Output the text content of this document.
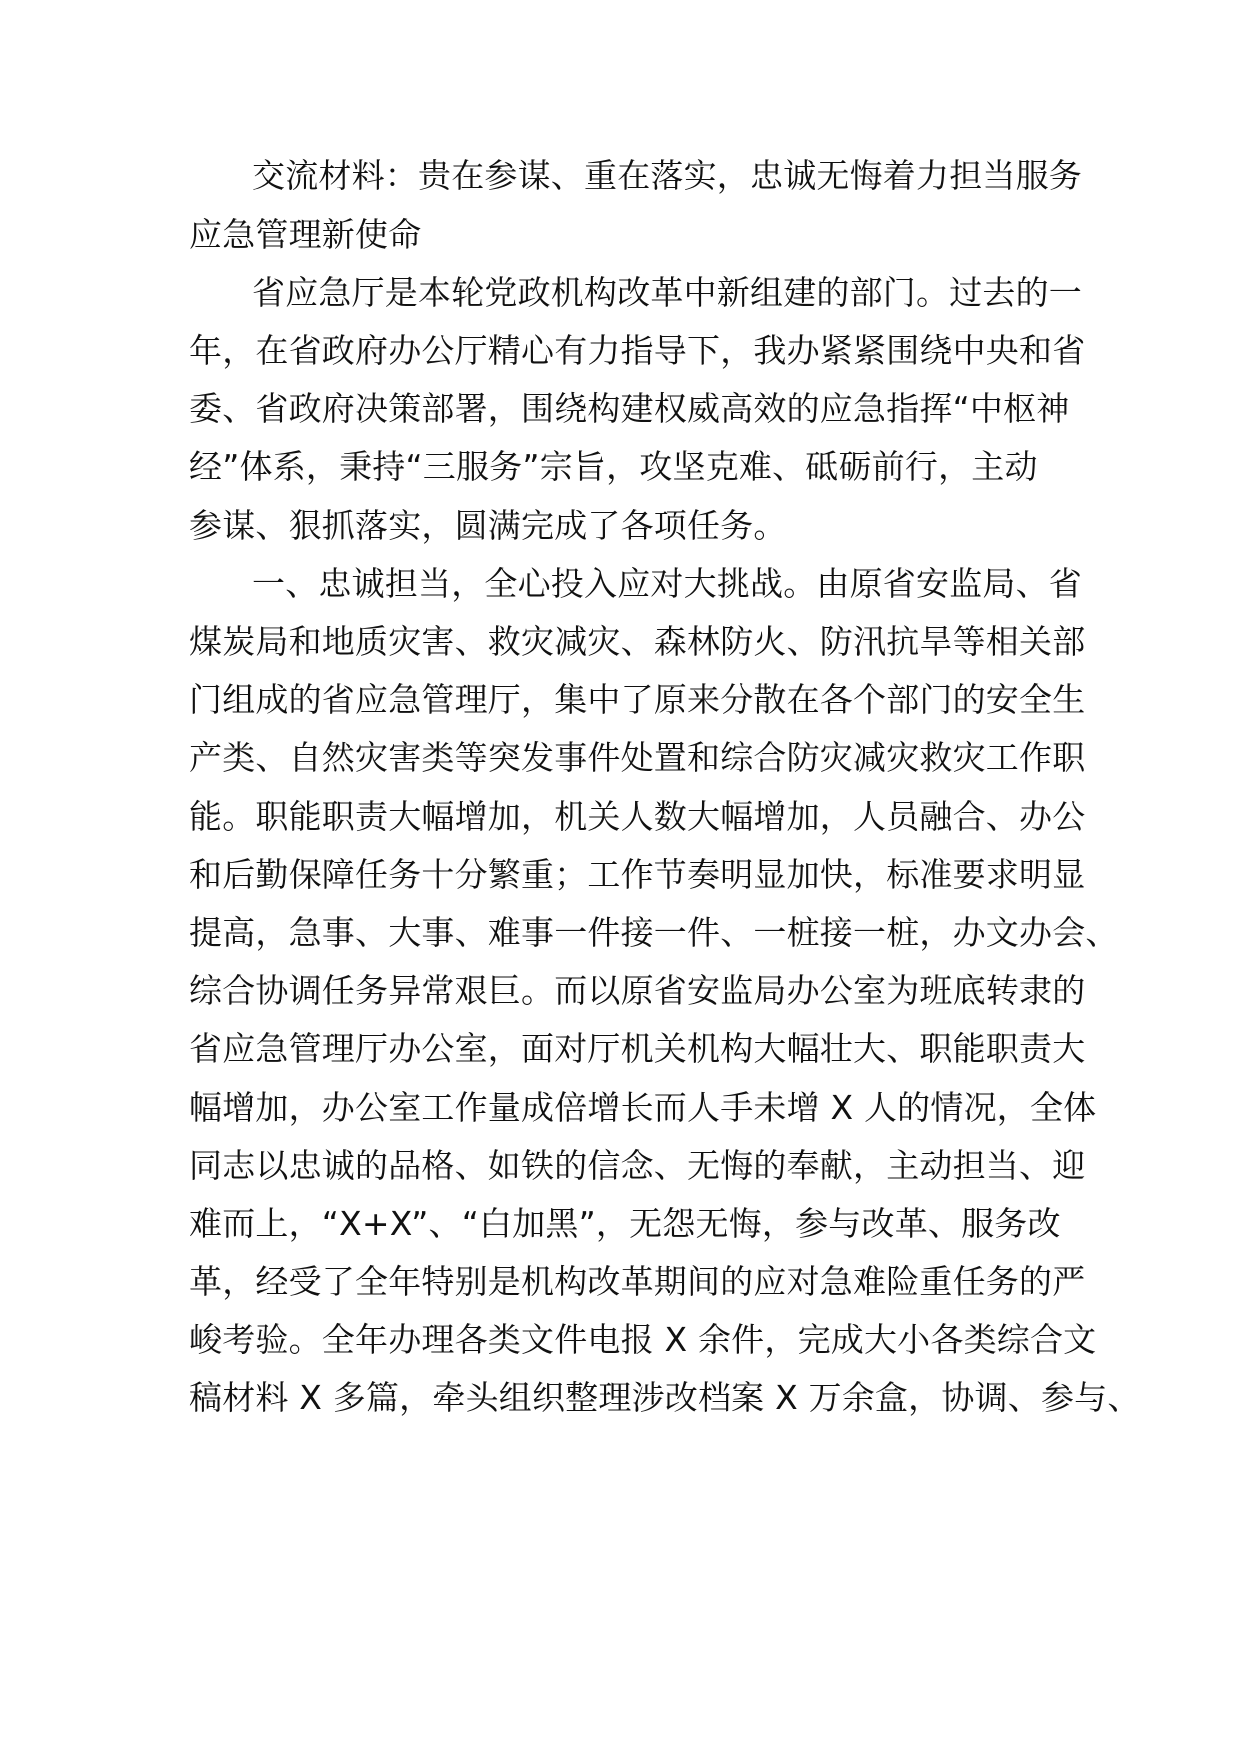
交流材料：贵在参谋、重在落实，忠诚无悔着力担当服务
应急管理新使命
省应急厅是本轮党政机构改革中新组建的部门。过去的一
年，在省政府办公厅精心有力指导下，我办紧紧围绕中央和省
委、省政府决策部署，围绕构建权威高效的应急指挥“中枢神
经”体系，秉持“三服务”宗旨，攻坚克难、砥砺前行，主动
参谋、狠抓落实，圆满完成了各项任务。
一、忠诚担当，全心投入应对大挑战。由原省安监局、省
煤炭局和地质灾害、救灾减灾、森林防火、防汛抗旱等相关部
门组成的省应急管理厅，集中了原来分散在各个部门的安全生
产类、自然灾害类等突发事件处置和综合防灾减灾救灾工作职
能。职能职责大幅增加，机关人数大幅增加，人员融合、办公
和后勤保障任务十分繁重；工作节奏明显加快，标准要求明显
提高，急事、大事、难事一件接一件、一桩接一桩，办文办会、
综合协调任务异常艰巨。而以原省安监局办公室为班底转隶的
省应急管理厅办公室，面对厅机关机构大幅壮大、职能职责大
幅增加，办公室工作量成倍增长而人手未增 X 人的情况，全体
同志以忠诚的品格、如铁的信念、无悔的奉献，主动担当、迎
难而上，“X+X”、“白加黑”，无怨无悔，参与改革、服务改
革，经受了全年特别是机构改革期间的应对急难险重任务的严
峻考验。全年办理各类文件电报 X 余件，完成大小各类综合文
稿材料 X 多篇，牵头组织整理涉改档案 X 万余盒，协调、参与、
